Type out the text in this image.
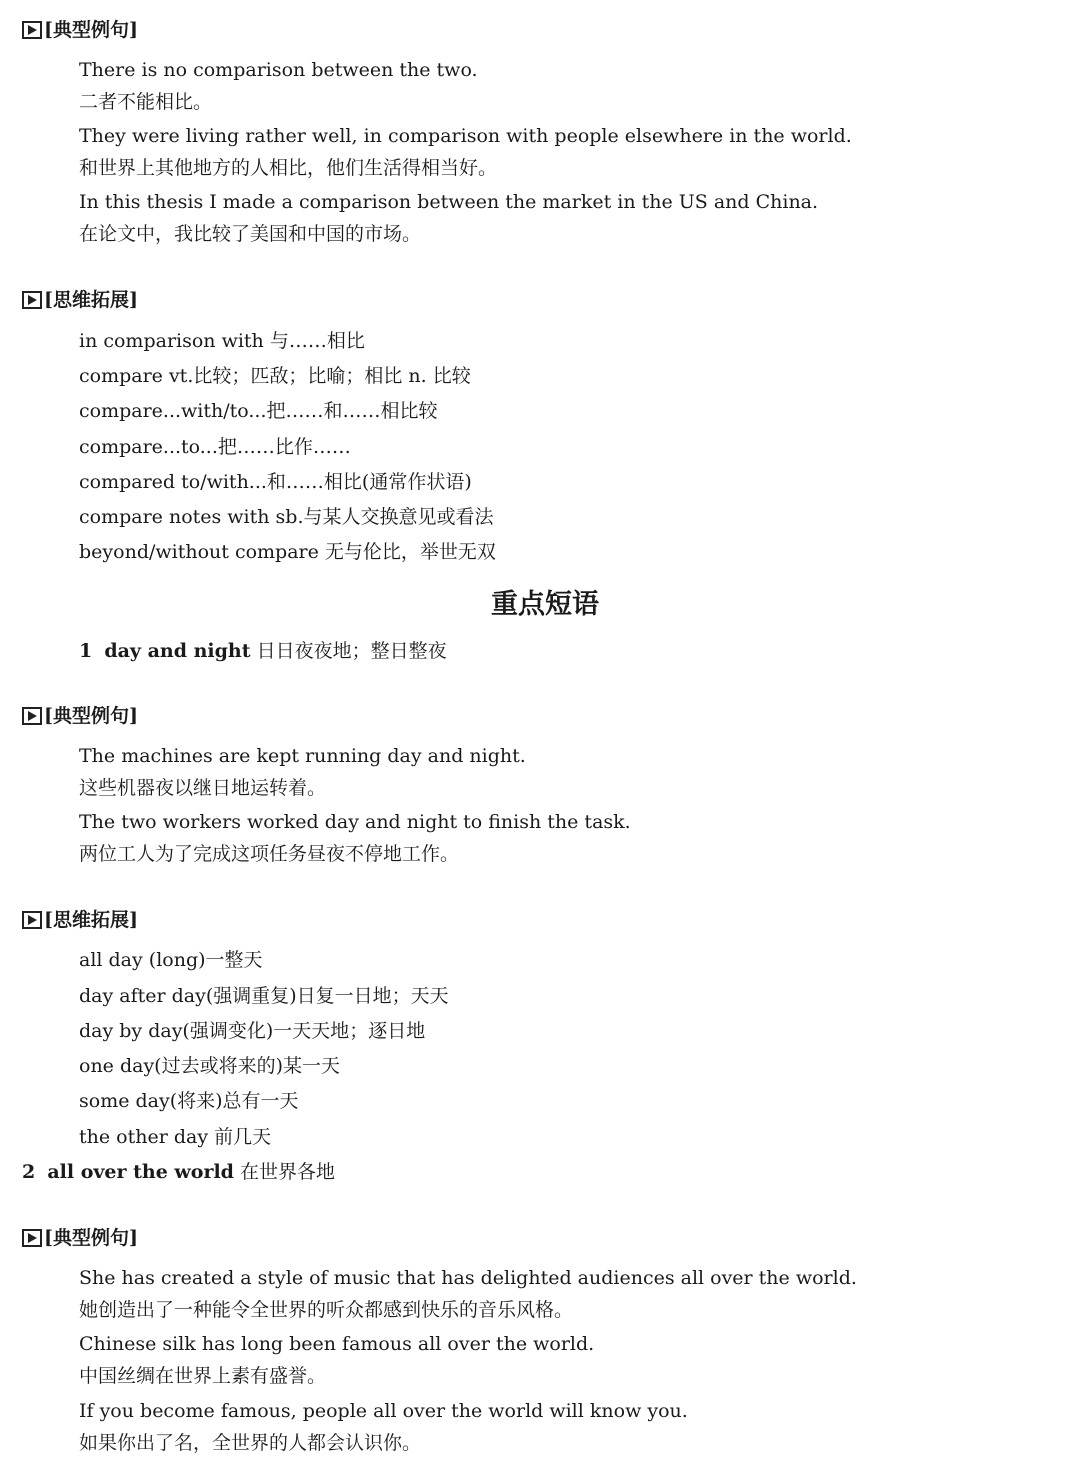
[典型例句]
There is no comparison between the two.
二者不能相比。
They were living rather well, in comparison with people elsewhere in the world.
和世界上其他地方的人相比，他们生活得相当好。
In this thesis I made a comparison between the market in the US and China.
在论文中，我比较了美国和中国的市场。
[思维拓展]
in comparison with 与……相比
compare vt.比较；匹敌；比喻；相比 n. 比较
compare...with/to...把……和……相比较
compare...to...把……比作……
compared to/with...和……相比(通常作状语)
compare notes with sb.与某人交换意见或看法
beyond/without compare 无与伦比，举世无双
重点短语
1 day and night 日日夜夜地；整日整夜
[典型例句]
The machines are kept running day and night.
这些机器夜以继日地运转着。
The two workers worked day and night to finish the task.
两位工人为了完成这项任务昼夜不停地工作。
[思维拓展]
all day (long)一整天
day after day(强调重复)日复一日地；天天
day by day(强调变化)一天天地；逐日地
one day(过去或将来的)某一天
some day(将来)总有一天
the other day 前几天
2 all over the world 在世界各地
[典型例句]
She has created a style of music that has delighted audiences all over the world.
她创造出了一种能令全世界的听众都感到快乐的音乐风格。
Chinese silk has long been famous all over the world.
中国丝绸在世界上素有盛誉。
If you become famous, people all over the world will know you.
如果你出了名，全世界的人都会认识你。
